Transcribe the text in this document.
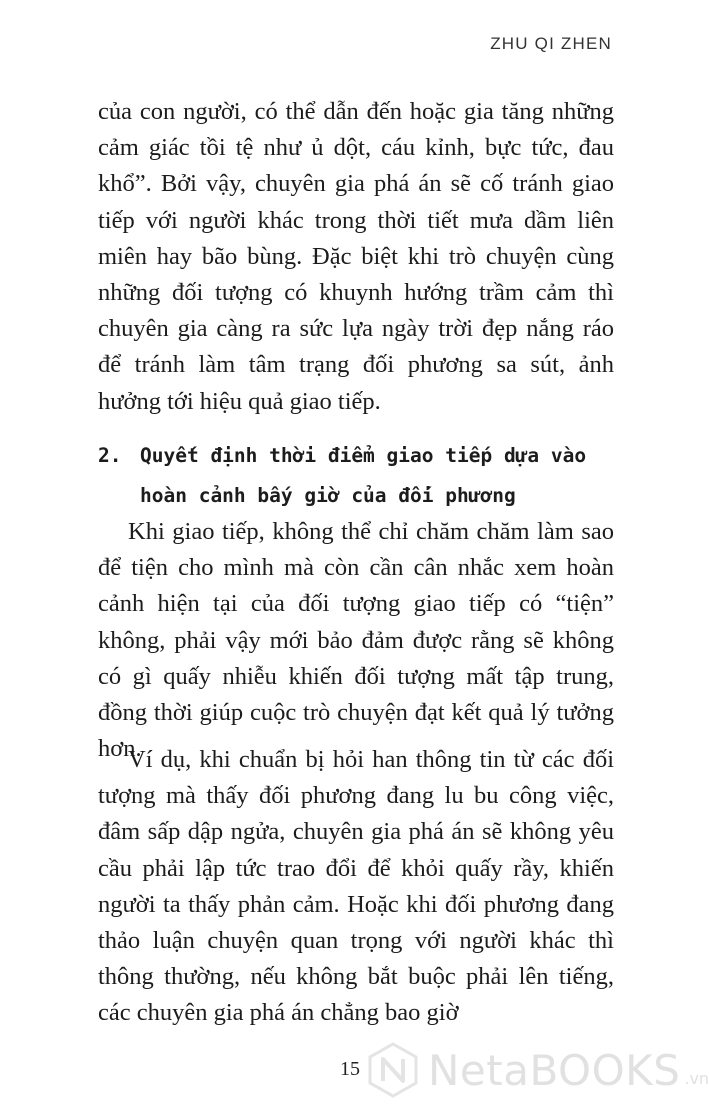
ZHU QI ZHEN

của con người, có thể dẫn đến hoặc gia tăng những cảm giác tồi tệ như ủ dột, cáu kỉnh, bực tức, đau khổ”. Bởi vậy, chuyên gia phá án sẽ cố tránh giao tiếp với người khác trong thời tiết mưa dầm liên miên hay bão bùng. Đặc biệt khi trò chuyện cùng những đối tượng có khuynh hướng trầm cảm thì chuyên gia càng ra sức lựa ngày trời đẹp nắng ráo để tránh làm tâm trạng đối phương sa sút, ảnh hưởng tới hiệu quả giao tiếp.

2. Quyết định thời điểm giao tiếp dựa vào
hoàn cảnh bấy giờ của đối phương

Khi giao tiếp, không thể chỉ chăm chăm làm sao để tiện cho mình mà còn cần cân nhắc xem hoàn cảnh hiện tại của đối tượng giao tiếp có “tiện” không, phải vậy mới bảo đảm được rằng sẽ không có gì quấy nhiễu khiến đối tượng mất tập trung, đồng thời giúp cuộc trò chuyện đạt kết quả lý tưởng hơn.

Ví dụ, khi chuẩn bị hỏi han thông tin từ các đối tượng mà thấy đối phương đang lu bu công việc, đâm sấp dập ngửa, chuyên gia phá án sẽ không yêu cầu phải lập tức trao đổi để khỏi quấy rầy, khiến người ta thấy phản cảm. Hoặc khi đối phương đang thảo luận chuyện quan trọng với người khác thì thông thường, nếu không bắt buộc phải lên tiếng, các chuyên gia phá án chẳng bao giờ

15 NetaBOOKS .vn
